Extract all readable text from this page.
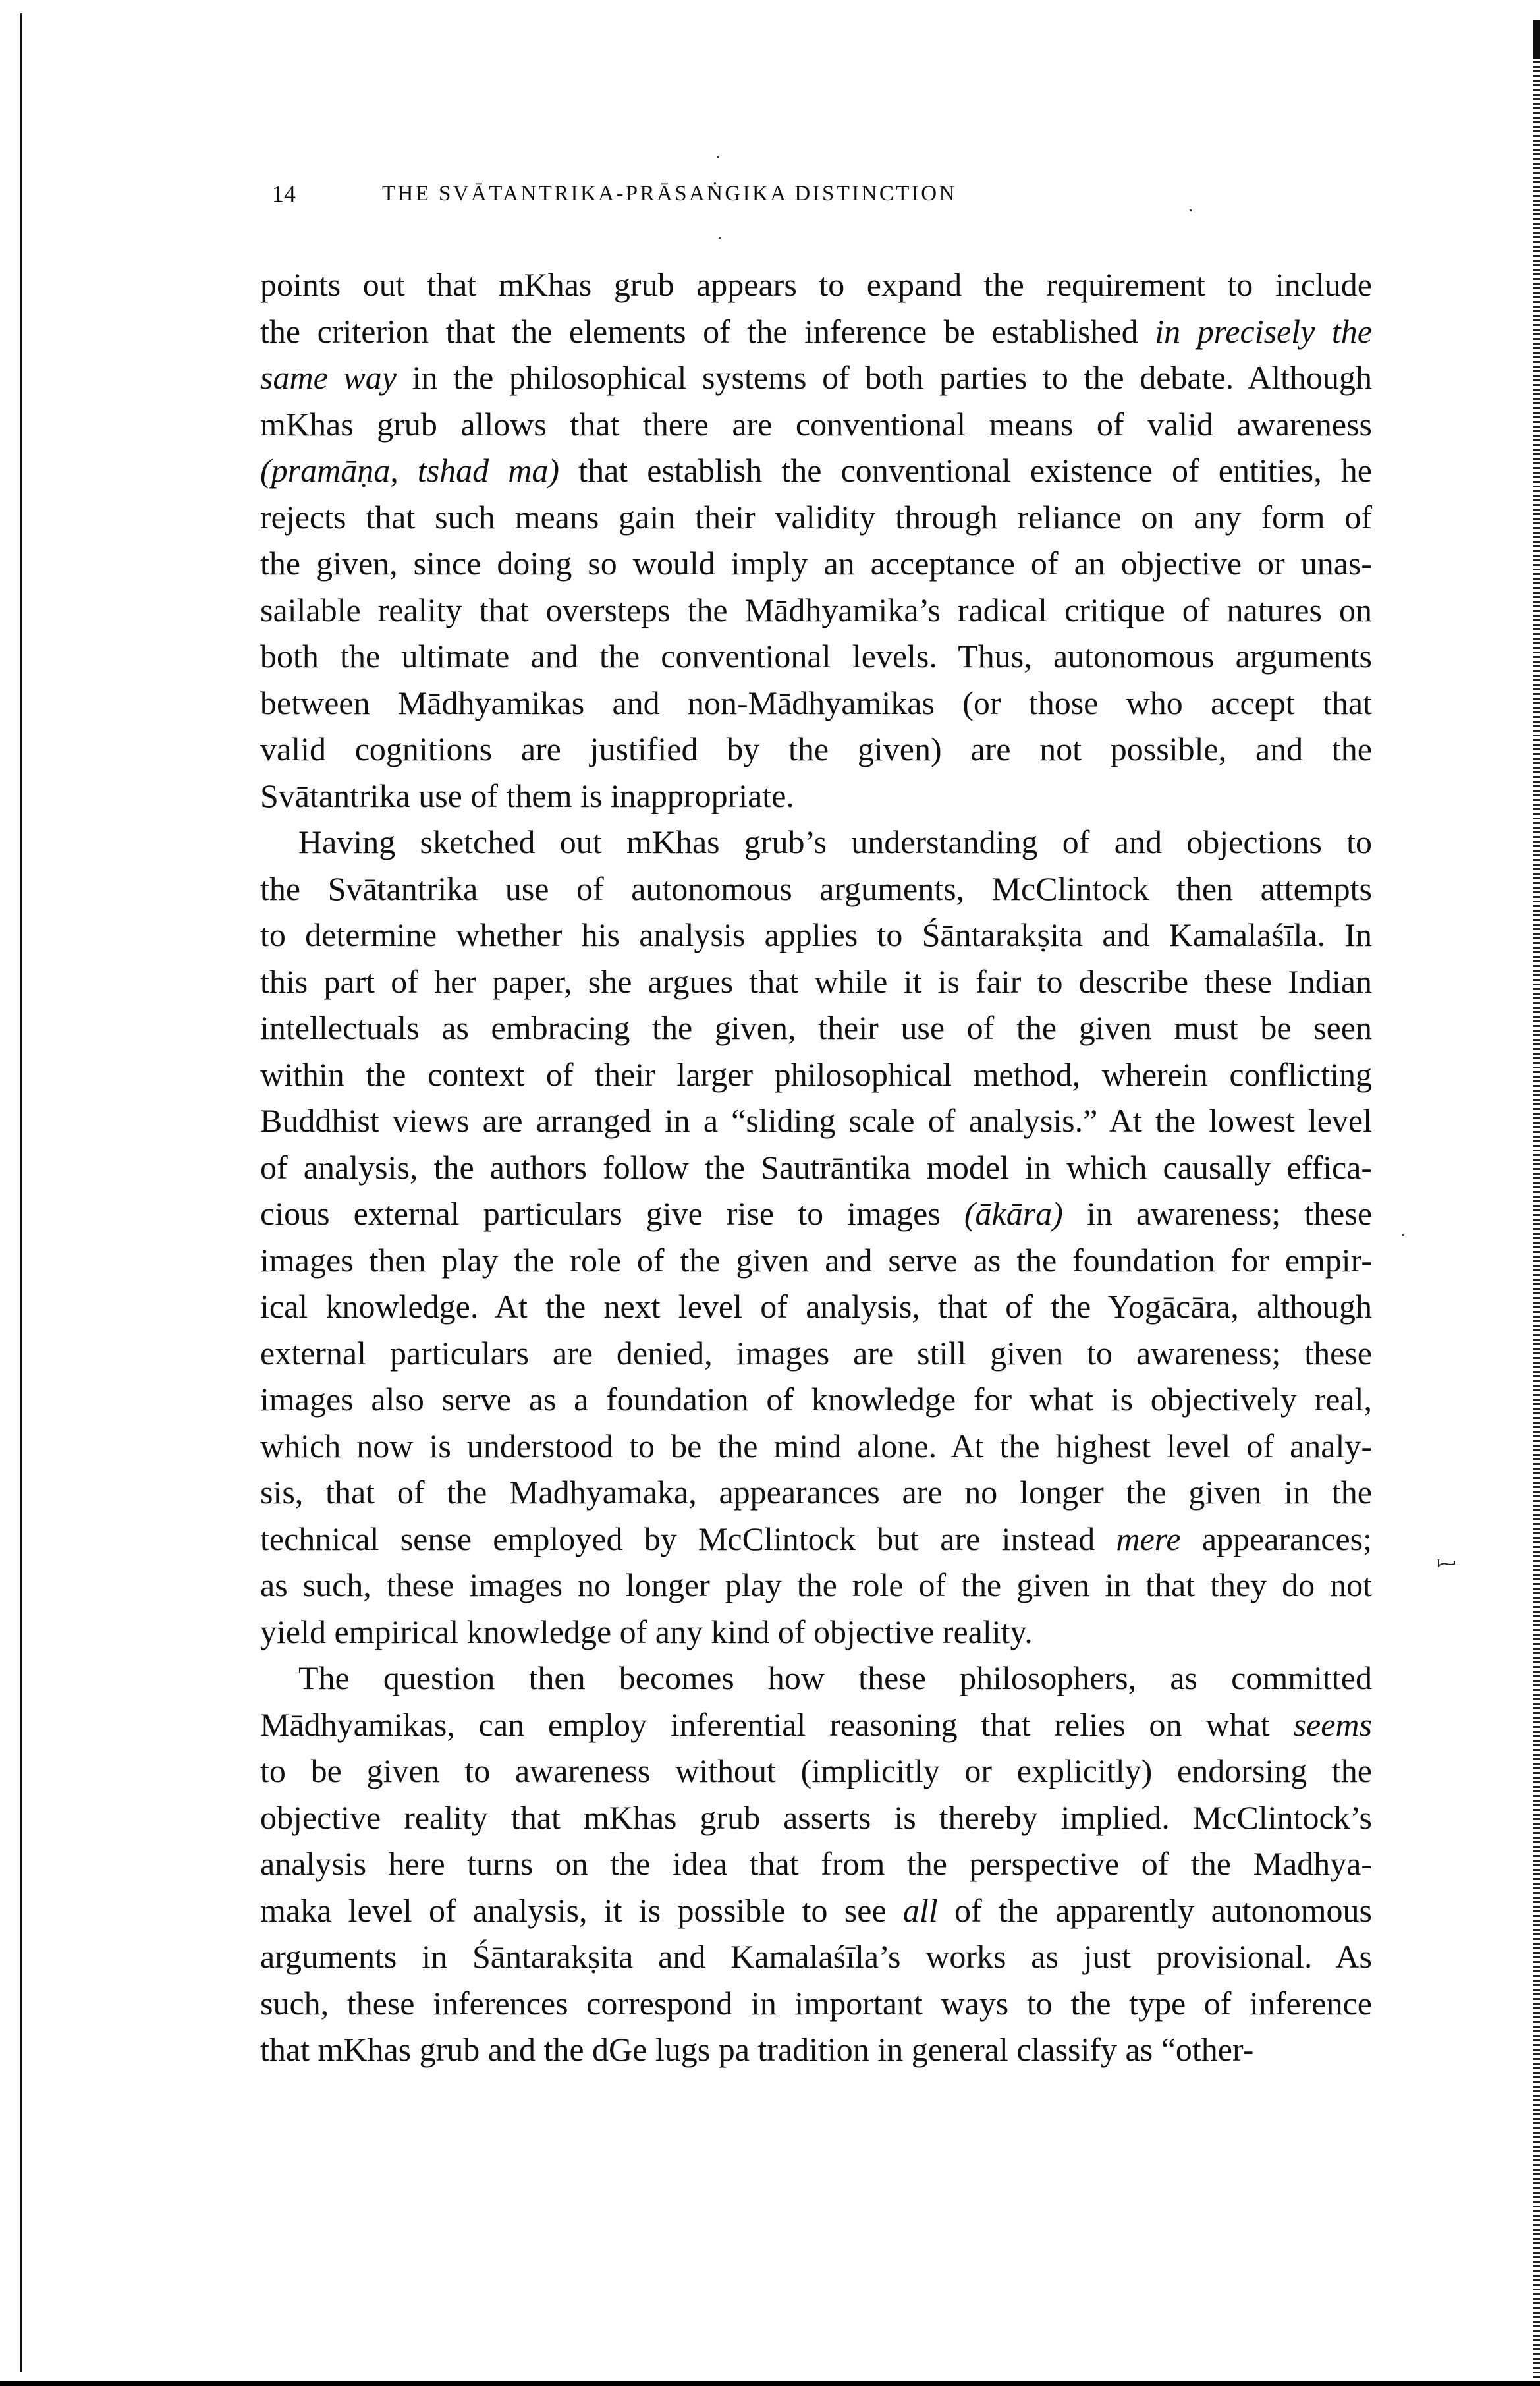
14	THE SVĀTANTRIKA-PRĀSAṄGIKA DISTINCTION
points out that mKhas grub appears to expand the requirement to include
the criterion that the elements of the inference be established in precisely the
same way in the philosophical systems of both parties to the debate. Although
mKhas grub allows that there are conventional means of valid awareness
(pramāṇa, tshad ma) that establish the conventional existence of entities, he
rejects that such means gain their validity through reliance on any form of
the given, since doing so would imply an acceptance of an objective or unas-
sailable reality that oversteps the Mādhyamika’s radical critique of natures on
both the ultimate and the conventional levels. Thus, autonomous arguments
between Mādhyamikas and non-Mādhyamikas (or those who accept that
valid cognitions are justified by the given) are not possible, and the
Svātantrika use of them is inappropriate.
Having sketched out mKhas grub’s understanding of and objections to
the Svātantrika use of autonomous arguments, McClintock then attempts
to determine whether his analysis applies to Śāntarakṣita and Kamalaśīla. In
this part of her paper, she argues that while it is fair to describe these Indian
intellectuals as embracing the given, their use of the given must be seen
within the context of their larger philosophical method, wherein conflicting
Buddhist views are arranged in a “sliding scale of analysis.” At the lowest level
of analysis, the authors follow the Sautrāntika model in which causally effica-
cious external particulars give rise to images (ākāra) in awareness; these
images then play the role of the given and serve as the foundation for empir-
ical knowledge. At the next level of analysis, that of the Yogācāra, although
external particulars are denied, images are still given to awareness; these
images also serve as a foundation of knowledge for what is objectively real,
which now is understood to be the mind alone. At the highest level of analy-
sis, that of the Madhyamaka, appearances are no longer the given in the
technical sense employed by McClintock but are instead mere appearances;
as such, these images no longer play the role of the given in that they do not
yield empirical knowledge of any kind of objective reality.
The question then becomes how these philosophers, as committed
Mādhyamikas, can employ inferential reasoning that relies on what seems
to be given to awareness without (implicitly or explicitly) endorsing the
objective reality that mKhas grub asserts is thereby implied. McClintock’s
analysis here turns on the idea that from the perspective of the Madhya-
maka level of analysis, it is possible to see all of the apparently autonomous
arguments in Śāntarakṣita and Kamalaśīla’s works as just provisional. As
such, these inferences correspond in important ways to the type of inference
that mKhas grub and the dGe lugs pa tradition in general classify as “other-
